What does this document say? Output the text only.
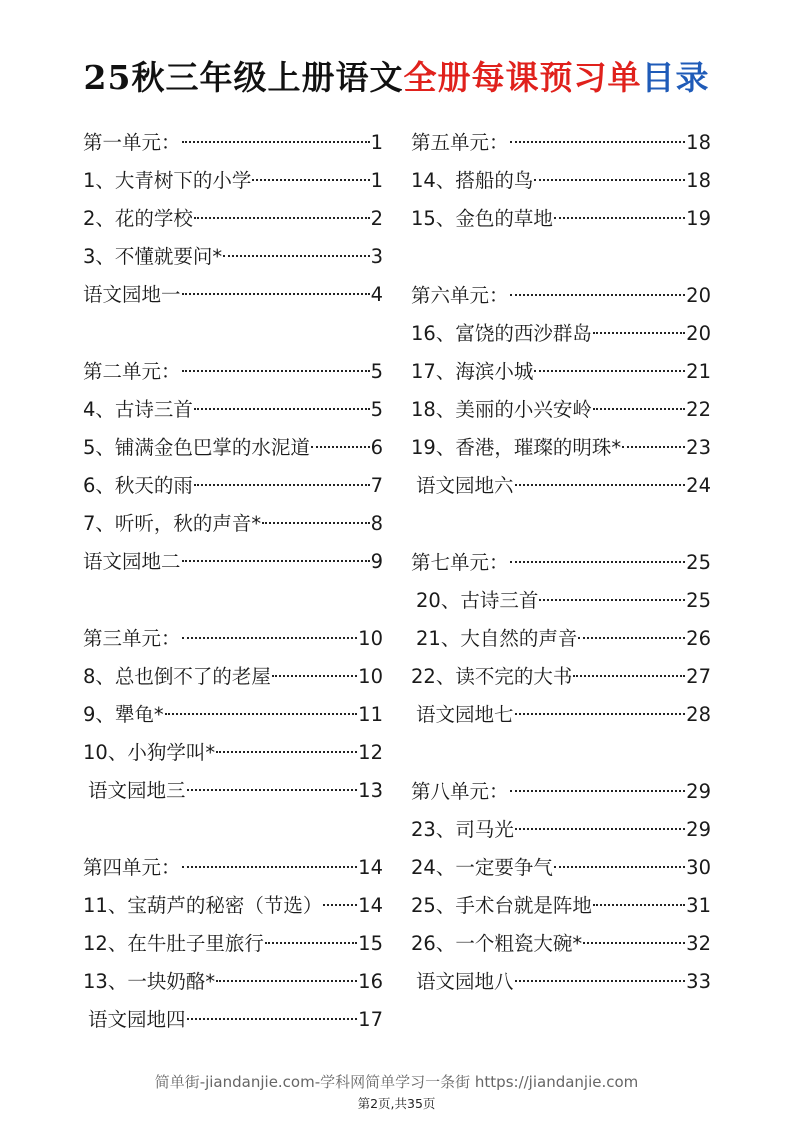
25秋三年级上册语文全册每课预习单目录
第一单元：	1
1、大青树下的小学	1
2、花的学校	2
3、不懂就要问*	3
语文园地一	4
第二单元：	5
4、古诗三首	5
5、铺满金色巴掌的水泥道	6
6、秋天的雨	7
7、听听，秋的声音*	8
语文园地二	9
第三单元：	10
8、总也倒不了的老屋	10
9、犟龟*	11
10、小狗学叫*	12
语文园地三	13
第四单元：	14
11、宝葫芦的秘密（节选） 14
12、在牛肚子里旅行	15
13、一块奶酪*	16
语文园地四	17
第五单元：	18
14、搭船的鸟	18
15、金色的草地	19
第六单元：	20
16、富饶的西沙群岛	20
17、海滨小城	21
18、美丽的小兴安岭	22
19、香港，璀璨的明珠*	23
语文园地六	24
第七单元：	25
20、古诗三首	25
21、大自然的声音	26
22、读不完的大书	27
语文园地七	28
第八单元：	29
23、司马光	29
24、一定要争气	30
25、手术台就是阵地	31
26、一个粗瓷大碗*	32
语文园地八	33
简单街-jiandanjie.com-学科网简单学习一条街 https://jiandanjie.com
第2页,共35页
